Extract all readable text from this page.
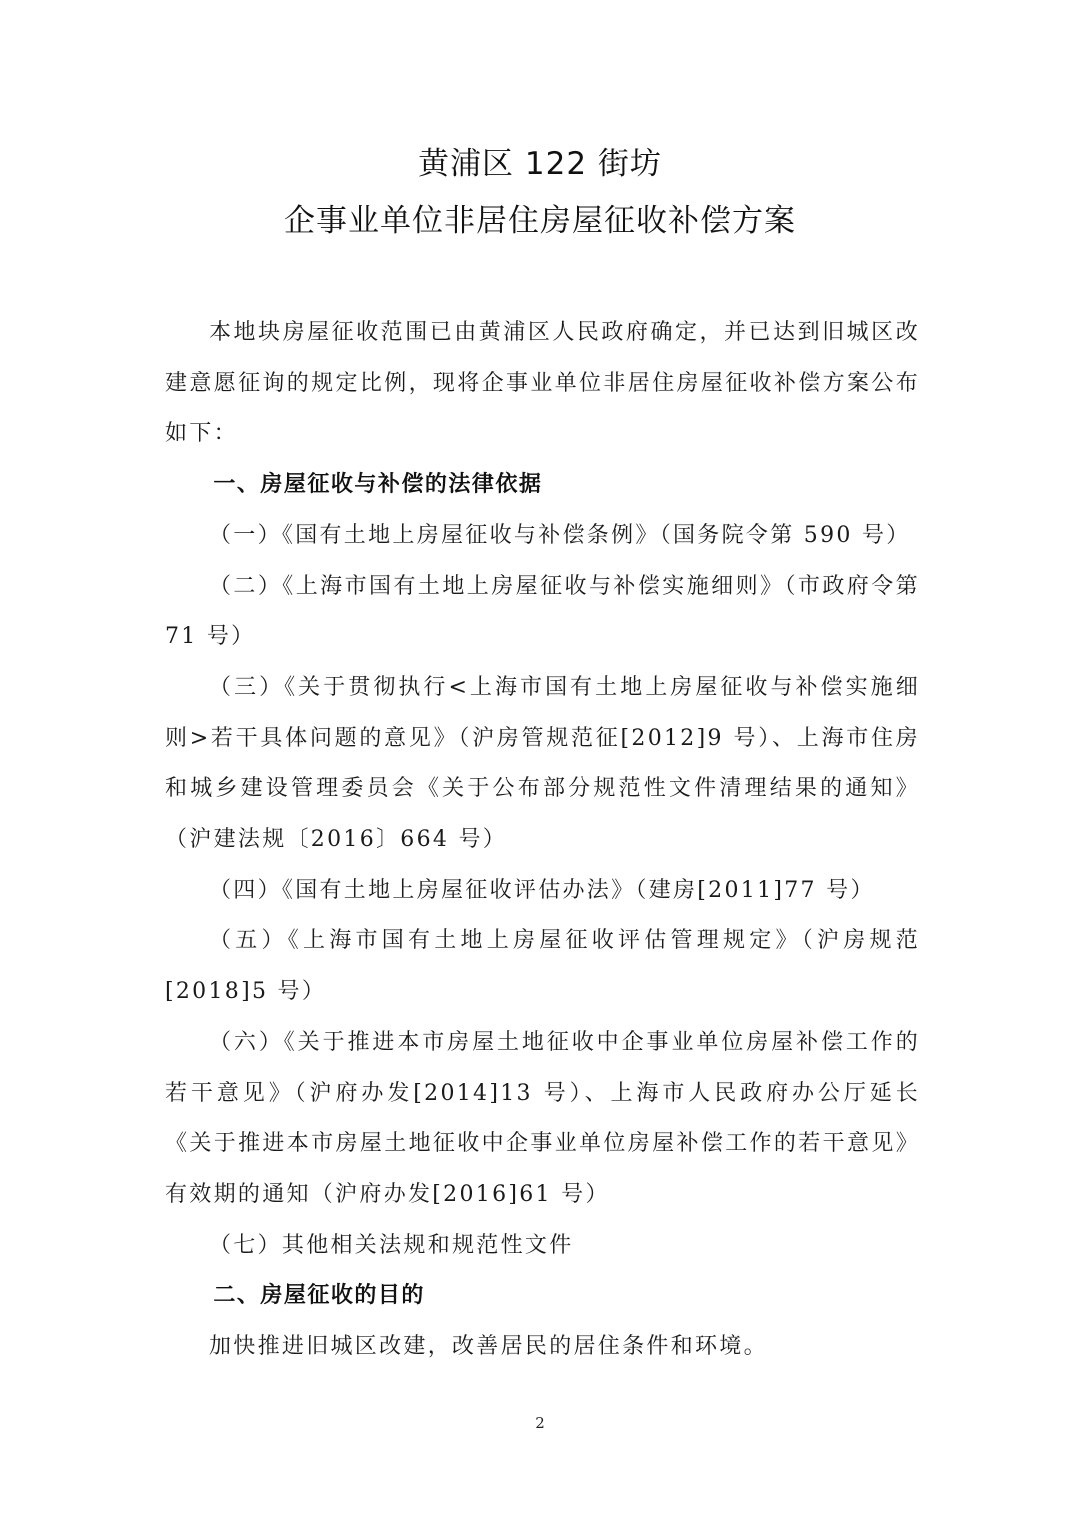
黄浦区 122 街坊
企事业单位非居住房屋征收补偿方案

本地块房屋征收范围已由黄浦区人民政府确定，并已达到旧城区改建意愿征询的规定比例，现将企事业单位非居住房屋征收补偿方案公布如下：

一、房屋征收与补偿的法律依据

（一）《国有土地上房屋征收与补偿条例》（国务院令第 590 号）

（二）《上海市国有土地上房屋征收与补偿实施细则》（市政府令第 71 号）

（三）《关于贯彻执行<上海市国有土地上房屋征收与补偿实施细则>若干具体问题的意见》（沪房管规范征[2012]9 号）、上海市住房和城乡建设管理委员会《关于公布部分规范性文件清理结果的通知》（沪建法规〔2016〕664 号）

（四）《国有土地上房屋征收评估办法》（建房[2011]77 号）

（五）《上海市国有土地上房屋征收评估管理规定》（沪房规范[2018]5 号）

（六）《关于推进本市房屋土地征收中企事业单位房屋补偿工作的若干意见》（沪府办发[2014]13 号）、上海市人民政府办公厅延长《关于推进本市房屋土地征收中企事业单位房屋补偿工作的若干意见》有效期的通知（沪府办发[2016]61 号）

（七）其他相关法规和规范性文件

二、房屋征收的目的

加快推进旧城区改建，改善居民的居住条件和环境。

2
